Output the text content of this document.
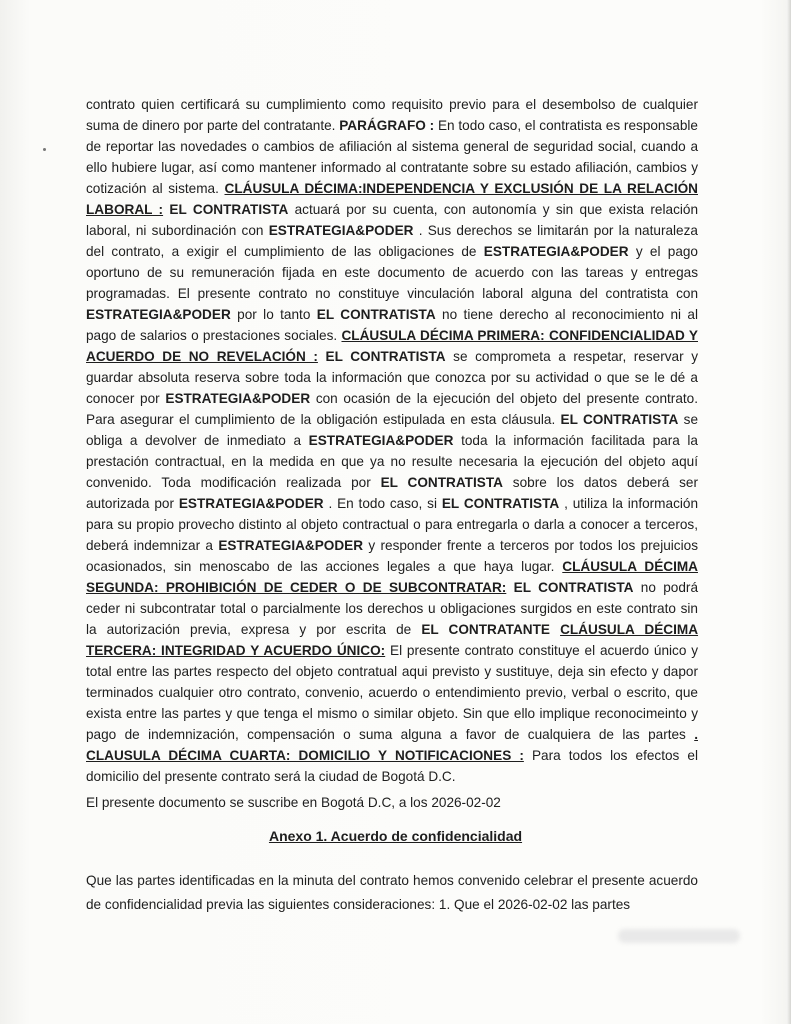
contrato quien certificará su cumplimiento como requisito previo para el desembolso de cualquier suma de dinero por parte del contratante. PARÁGRAFO : En todo caso, el contratista es responsable de reportar las novedades o cambios de afiliación al sistema general de seguridad social, cuando a ello hubiere lugar, así como mantener informado al contratante sobre su estado afiliación, cambios y cotización al sistema. CLÁUSULA DÉCIMA:INDEPENDENCIA Y EXCLUSIÓN DE LA RELACIÓN LABORAL : EL CONTRATISTA actuará por su cuenta, con autonomía y sin que exista relación laboral, ni subordinación con ESTRATEGIA&PODER . Sus derechos se limitarán por la naturaleza del contrato, a exigir el cumplimiento de las obligaciones de ESTRATEGIA&PODER y el pago oportuno de su remuneración fijada en este documento de acuerdo con las tareas y entregas programadas. El presente contrato no constituye vinculación laboral alguna del contratista con ESTRATEGIA&PODER por lo tanto EL CONTRATISTA no tiene derecho al reconocimiento ni al pago de salarios o prestaciones sociales. CLÁUSULA DÉCIMA PRIMERA: CONFIDENCIALIDAD Y ACUERDO DE NO REVELACIÓN : EL CONTRATISTA se comprometa a respetar, reservar y guardar absoluta reserva sobre toda la información que conozca por su actividad o que se le dé a conocer por ESTRATEGIA&PODER con ocasión de la ejecución del objeto del presente contrato. Para asegurar el cumplimiento de la obligación estipulada en esta cláusula. EL CONTRATISTA se obliga a devolver de inmediato a ESTRATEGIA&PODER toda la información facilitada para la prestación contractual, en la medida en que ya no resulte necesaria la ejecución del objeto aquí convenido. Toda modificación realizada por EL CONTRATISTA sobre los datos deberá ser autorizada por ESTRATEGIA&PODER . En todo caso, si EL CONTRATISTA , utiliza la información para su propio provecho distinto al objeto contractual o para entregarla o darla a conocer a terceros, deberá indemnizar a ESTRATEGIA&PODER y responder frente a terceros por todos los prejuicios ocasionados, sin menoscabo de las acciones legales a que haya lugar. CLÁUSULA DÉCIMA SEGUNDA: PROHIBICIÓN DE CEDER O DE SUBCONTRATAR: EL CONTRATISTA no podrá ceder ni subcontratar total o parcialmente los derechos u obligaciones surgidos en este contrato sin la autorización previa, expresa y por escrita de EL CONTRATANTE CLÁUSULA DÉCIMA TERCERA: INTEGRIDAD Y ACUERDO ÚNICO: El presente contrato constituye el acuerdo único y total entre las partes respecto del objeto contratual aqui previsto y sustituye, deja sin efecto y dapor terminados cualquier otro contrato, convenio, acuerdo o entendimiento previo, verbal o escrito, que exista entre las partes y que tenga el mismo o similar objeto. Sin que ello implique reconocimeinto y pago de indemnización, compensación o suma alguna a favor de cualquiera de las partes . CLAUSULA DÉCIMA CUARTA: DOMICILIO Y NOTIFICACIONES : Para todos los efectos el domicilio del presente contrato será la ciudad de Bogotá D.C.

El presente documento se suscribe en Bogotá D.C, a los 2026-02-02

Anexo 1. Acuerdo de confidencialidad

Que las partes identificadas en la minuta del contrato hemos convenido celebrar el presente acuerdo de confidencialidad previa las siguientes consideraciones: 1. Que el 2026-02-02 las partes
